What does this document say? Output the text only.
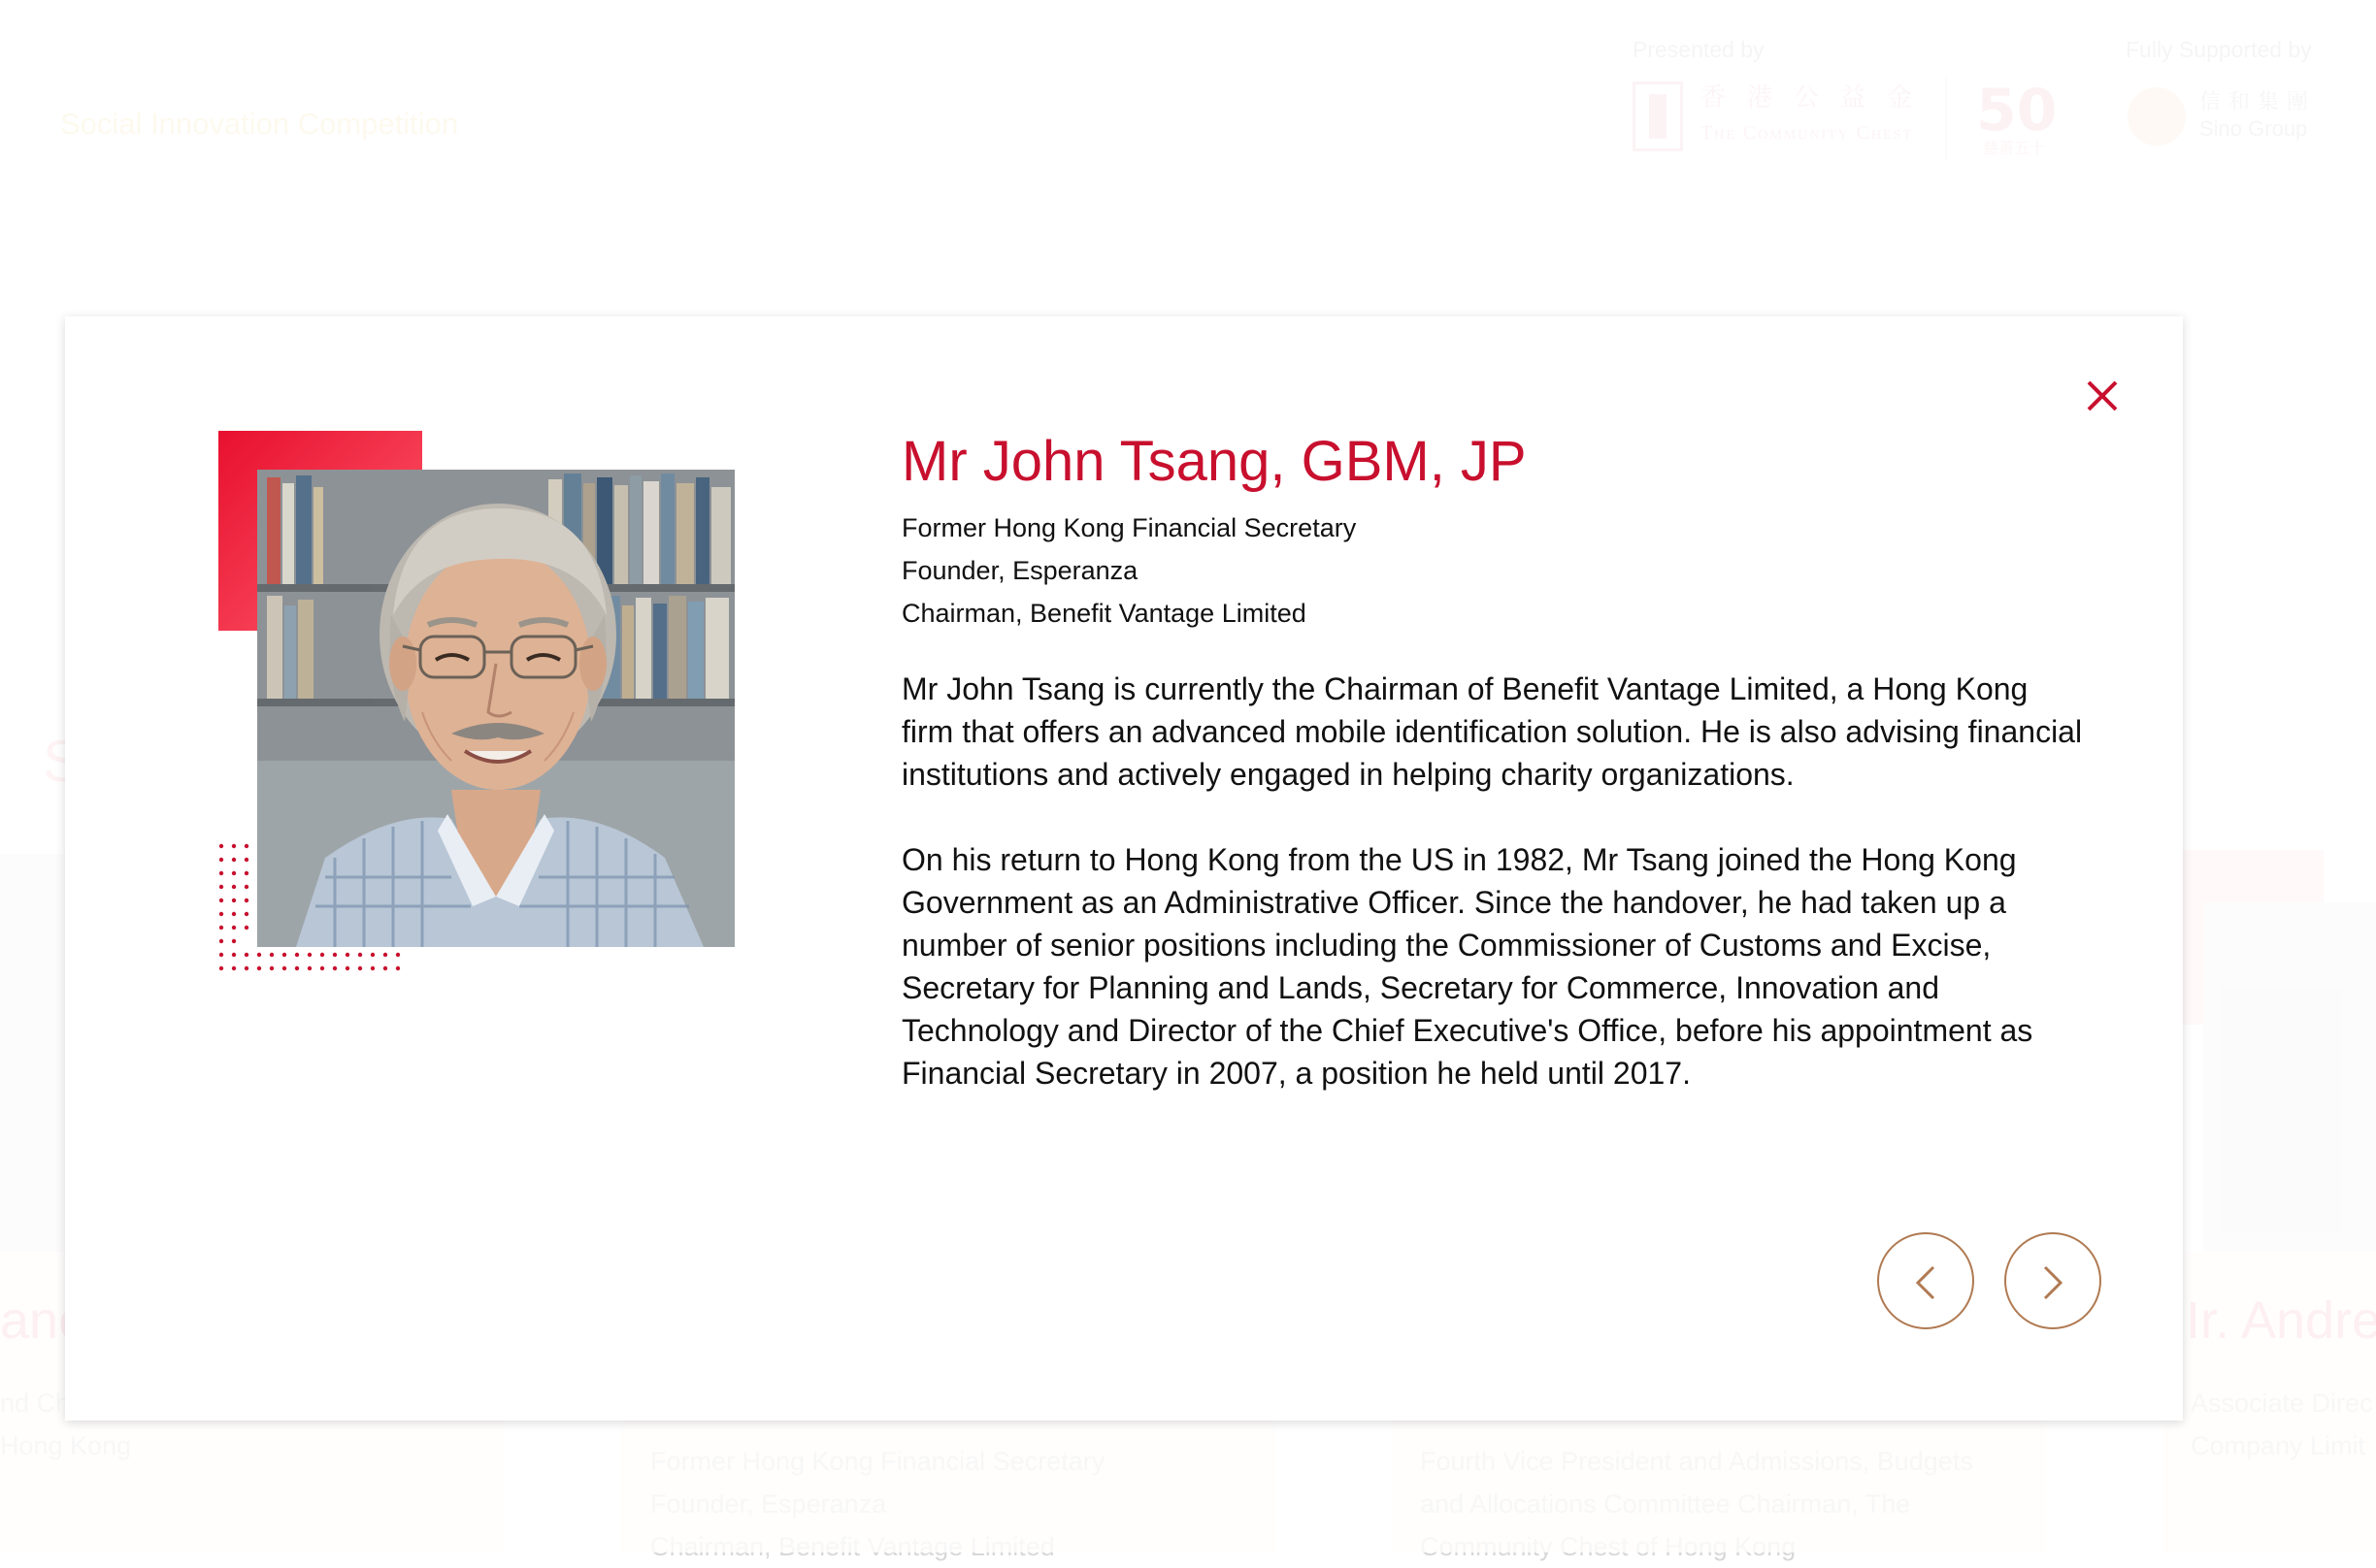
Mr John Tsang, GBM, JP
Former Hong Kong Financial Secretary
Founder, Esperanza
Chairman, Benefit Vantage Limited

Mr John Tsang is currently the Chairman of Benefit Vantage Limited, a Hong Kong firm that offers an advanced mobile identification solution. He is also advising financial institutions and actively engaged in helping charity organizations.

On his return to Hong Kong from the US in 1982, Mr Tsang joined the Hong Kong Government as an Administrative Officer. Since the handover, he had taken up a number of senior positions including the Commissioner of Customs and Excise, Secretary for Planning and Lands, Secretary for Commerce, Innovation and Technology and Director of the Chief Executive's Office, before his appointment as Financial Secretary in 2007, a position he held until 2017.
